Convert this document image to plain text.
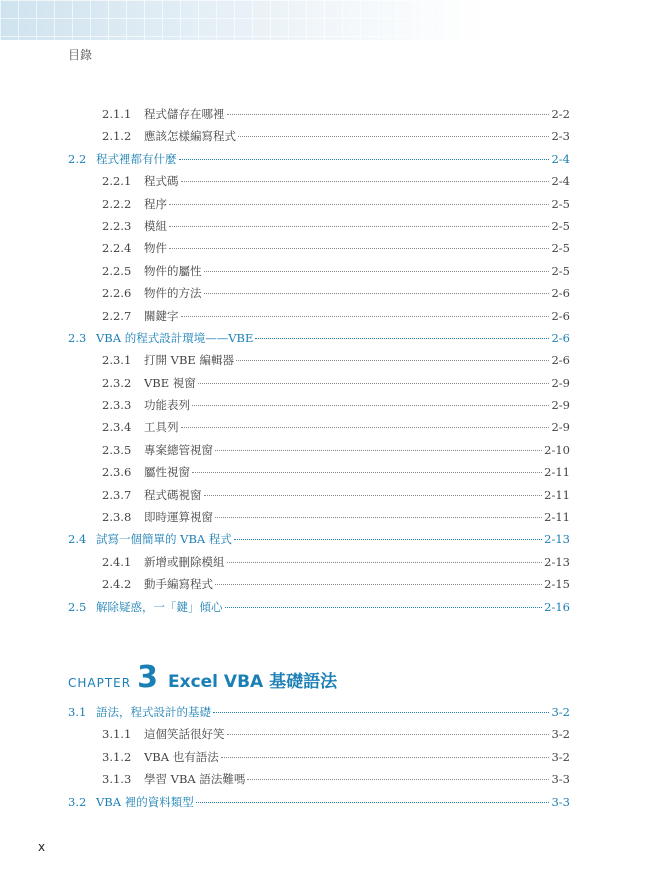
目錄
2.1.1	程式儲存在哪裡	2-2
2.1.2	應該怎樣編寫程式	2-3
2.2 程式裡都有什麼	2-4
2.2.1	程式碼	2-4
2.2.2	程序	2-5
2.2.3	模組	2-5
2.2.4	物件	2-5
2.2.5	物件的屬性	2-5
2.2.6	物件的方法	2-6
2.2.7	關鍵字	2-6
2.3 VBA 的程式設計環境——VBE	2-6
2.3.1	打開 VBE 編輯器	2-6
2.3.2	VBE 視窗	2-9
2.3.3	功能表列	2-9
2.3.4	工具列	2-9
2.3.5	專案總管視窗	2-10
2.3.6	屬性視窗	2-11
2.3.7	程式碼視窗	2-11
2.3.8	即時運算視窗	2-11
2.4 試寫一個簡單的 VBA 程式	2-13
2.4.1	新增或刪除模組	2-13
2.4.2	動手編寫程式	2-15
2.5 解除疑惑，一「鍵」傾心	2-16
CHAPTER 3 Excel VBA 基礎語法
3.1 語法，程式設計的基礎	3-2
3.1.1	這個笑話很好笑	3-2
3.1.2	VBA 也有語法	3-2
3.1.3	學習 VBA 語法難嗎	3-3
3.2 VBA 裡的資料類型	3-3
x
